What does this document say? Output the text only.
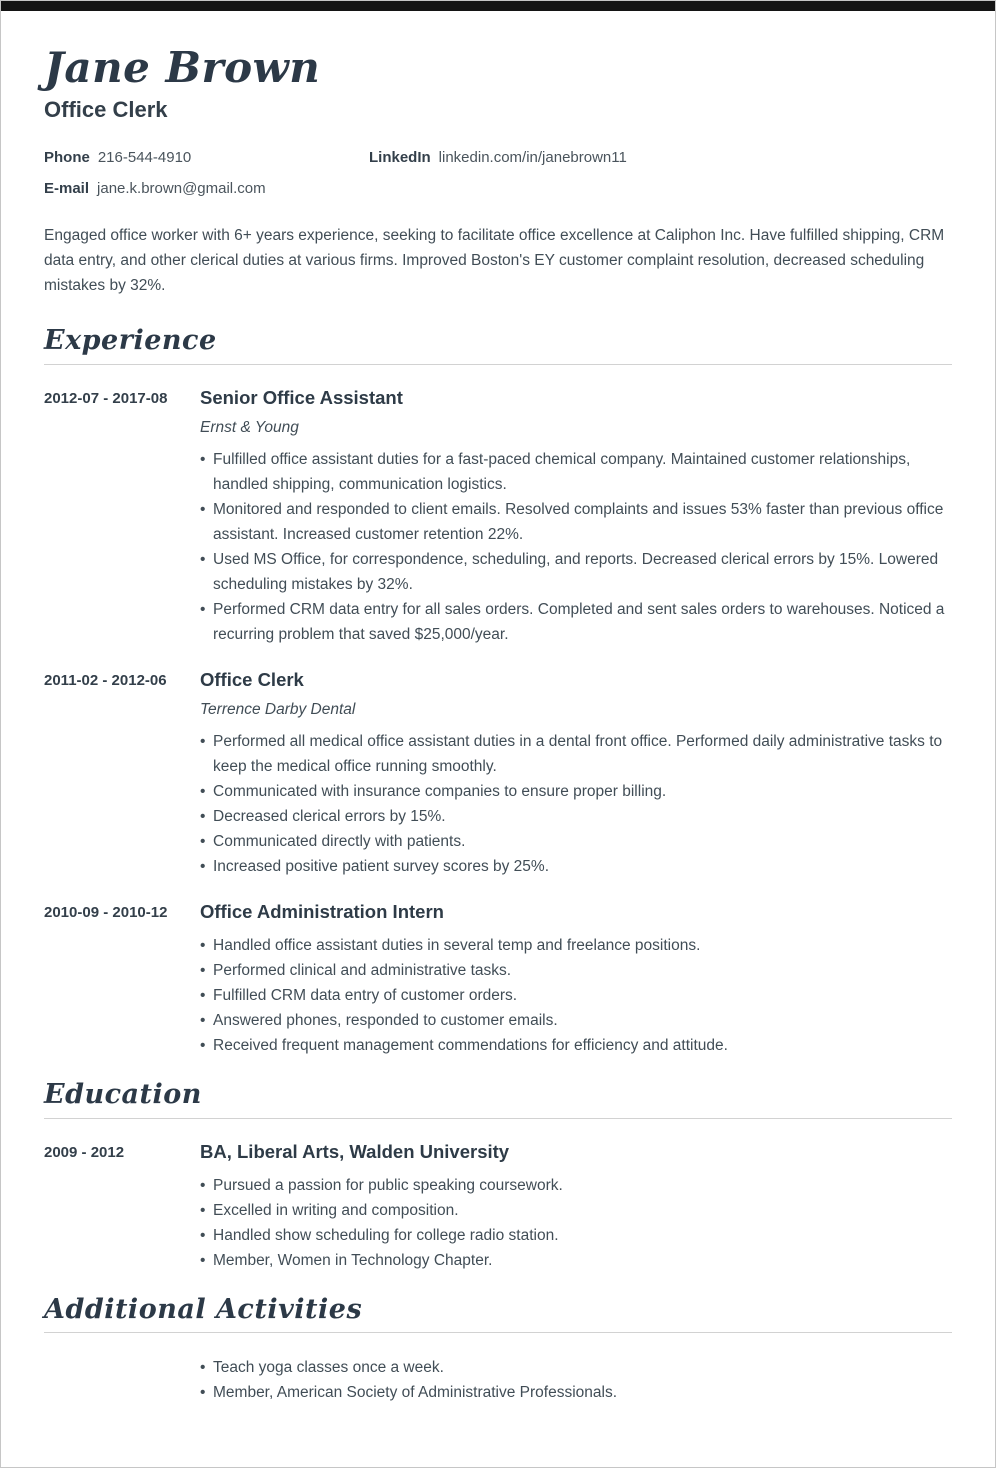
Jane Brown
Office Clerk
Phone 216-544-4910	LinkedIn linkedin.com/in/janebrown11
E-mail jane.k.brown@gmail.com

Engaged office worker with 6+ years experience, seeking to facilitate office excellence at Caliphon Inc. Have fulfilled shipping, CRM data entry, and other clerical duties at various firms. Improved Boston's EY customer complaint resolution, decreased scheduling mistakes by 32%.

Experience
2012-07 - 2017-08	Senior Office Assistant
Ernst & Young
• Fulfilled office assistant duties for a fast-paced chemical company. Maintained customer relationships, handled shipping, communication logistics.
• Monitored and responded to client emails. Resolved complaints and issues 53% faster than previous office assistant. Increased customer retention 22%.
• Used MS Office, for correspondence, scheduling, and reports. Decreased clerical errors by 15%. Lowered scheduling mistakes by 32%.
• Performed CRM data entry for all sales orders. Completed and sent sales orders to warehouses. Noticed a recurring problem that saved $25,000/year.
2011-02 - 2012-06	Office Clerk
Terrence Darby Dental
• Performed all medical office assistant duties in a dental front office. Performed daily administrative tasks to keep the medical office running smoothly.
• Communicated with insurance companies to ensure proper billing.
• Decreased clerical errors by 15%.
• Communicated directly with patients.
• Increased positive patient survey scores by 25%.
2010-09 - 2010-12	Office Administration Intern
• Handled office assistant duties in several temp and freelance positions.
• Performed clinical and administrative tasks.
• Fulfilled CRM data entry of customer orders.
• Answered phones, responded to customer emails.
• Received frequent management commendations for efficiency and attitude.
Education
2009 - 2012	BA, Liberal Arts, Walden University
• Pursued a passion for public speaking coursework.
• Excelled in writing and composition.
• Handled show scheduling for college radio station.
• Member, Women in Technology Chapter.
Additional Activities
• Teach yoga classes once a week.
• Member, American Society of Administrative Professionals.
